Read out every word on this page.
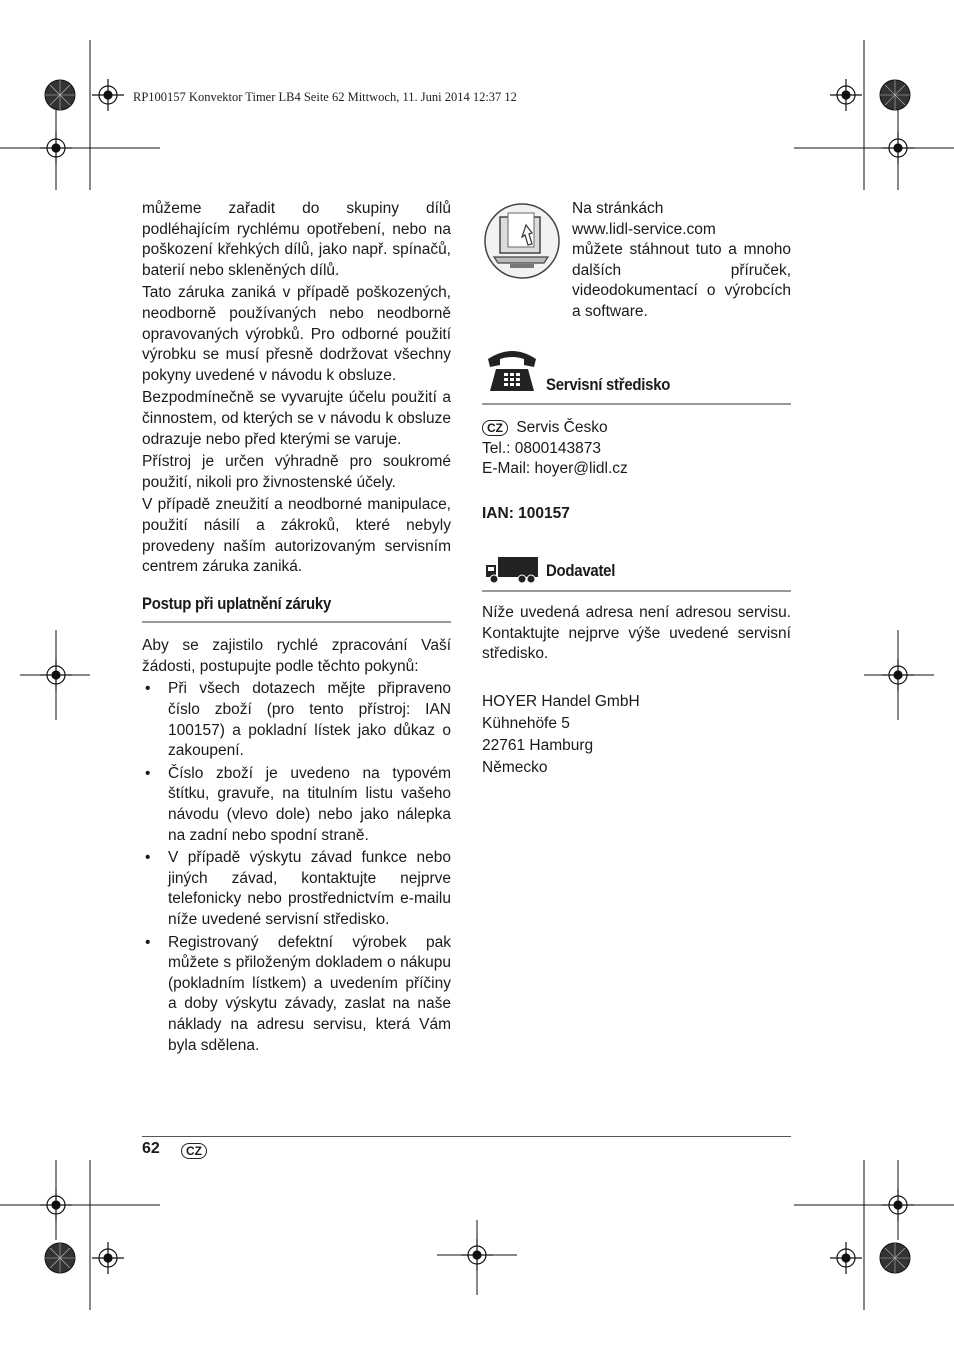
RP100157 Konvektor Timer LB4 Seite 62 Mittwoch, 11. Juni 2014 12:37 12

můžeme zařadit do skupiny dílů podléhajícím rychlému opotřebení, nebo na poškození křehkých dílů, jako např. spínačů, baterií nebo skleněných dílů.

Tato záruka zaniká v případě poškozených, neodborně používaných nebo neodborně opravovaných výrobků. Pro odborné použití výrobku se musí přesně dodržovat všechny pokyny uvedené v návodu k obsluze.

Bezpodmínečně se vyvarujte účelu použití a činnostem, od kterých se v návodu k obsluze odrazuje nebo před kterými se varuje.

Přístroj je určen výhradně pro soukromé použití, nikoli pro živnostenské účely.

V případě zneužití a neodborné manipulace, použití násilí a zákroků, které nebyly provedeny naším autorizovaným servisním centrem záruka zaniká.

Postup při uplatnění záruky

Aby se zajistilo rychlé zpracování Vaší žádosti, postupujte podle těchto pokynů:

• Při všech dotazech mějte připraveno číslo zboží (pro tento přístroj: IAN 100157) a pokladní lístek jako důkaz o zakoupení.
• Číslo zboží je uvedeno na typovém štítku, gravuře, na titulním listu vašeho návodu (vlevo dole) nebo jako nálepka na zadní nebo spodní straně.
• V případě výskytu závad funkce nebo jiných závad, kontaktujte nejprve telefonicky nebo prostřednictvím e-mailu níže uvedené servisní středisko.
• Registrovaný defektní výrobek pak můžete s přiloženým dokladem o nákupu (pokladním lístkem) a uvedením příčiny a doby výskytu závady, zaslat na naše náklady na adresu servisu, která Vám byla sdělena.
Na stránkách
www.lidl-service.com

můžete stáhnout tuto a mnoho dalších příruček, videodokumentací o výrobcích a software.

Servisní středisko
CZ Servis Česko
Tel.: 0800143873
E-Mail: hoyer@lidl.cz
IAN: 100157
Dodavatel

Níže uvedená adresa není adresou servisu. Kontaktujte nejprve výše uvedené servisní středisko.

HOYER Handel GmbH
Kühnehöfe 5
22761 Hamburg
Německo
62	CZ
